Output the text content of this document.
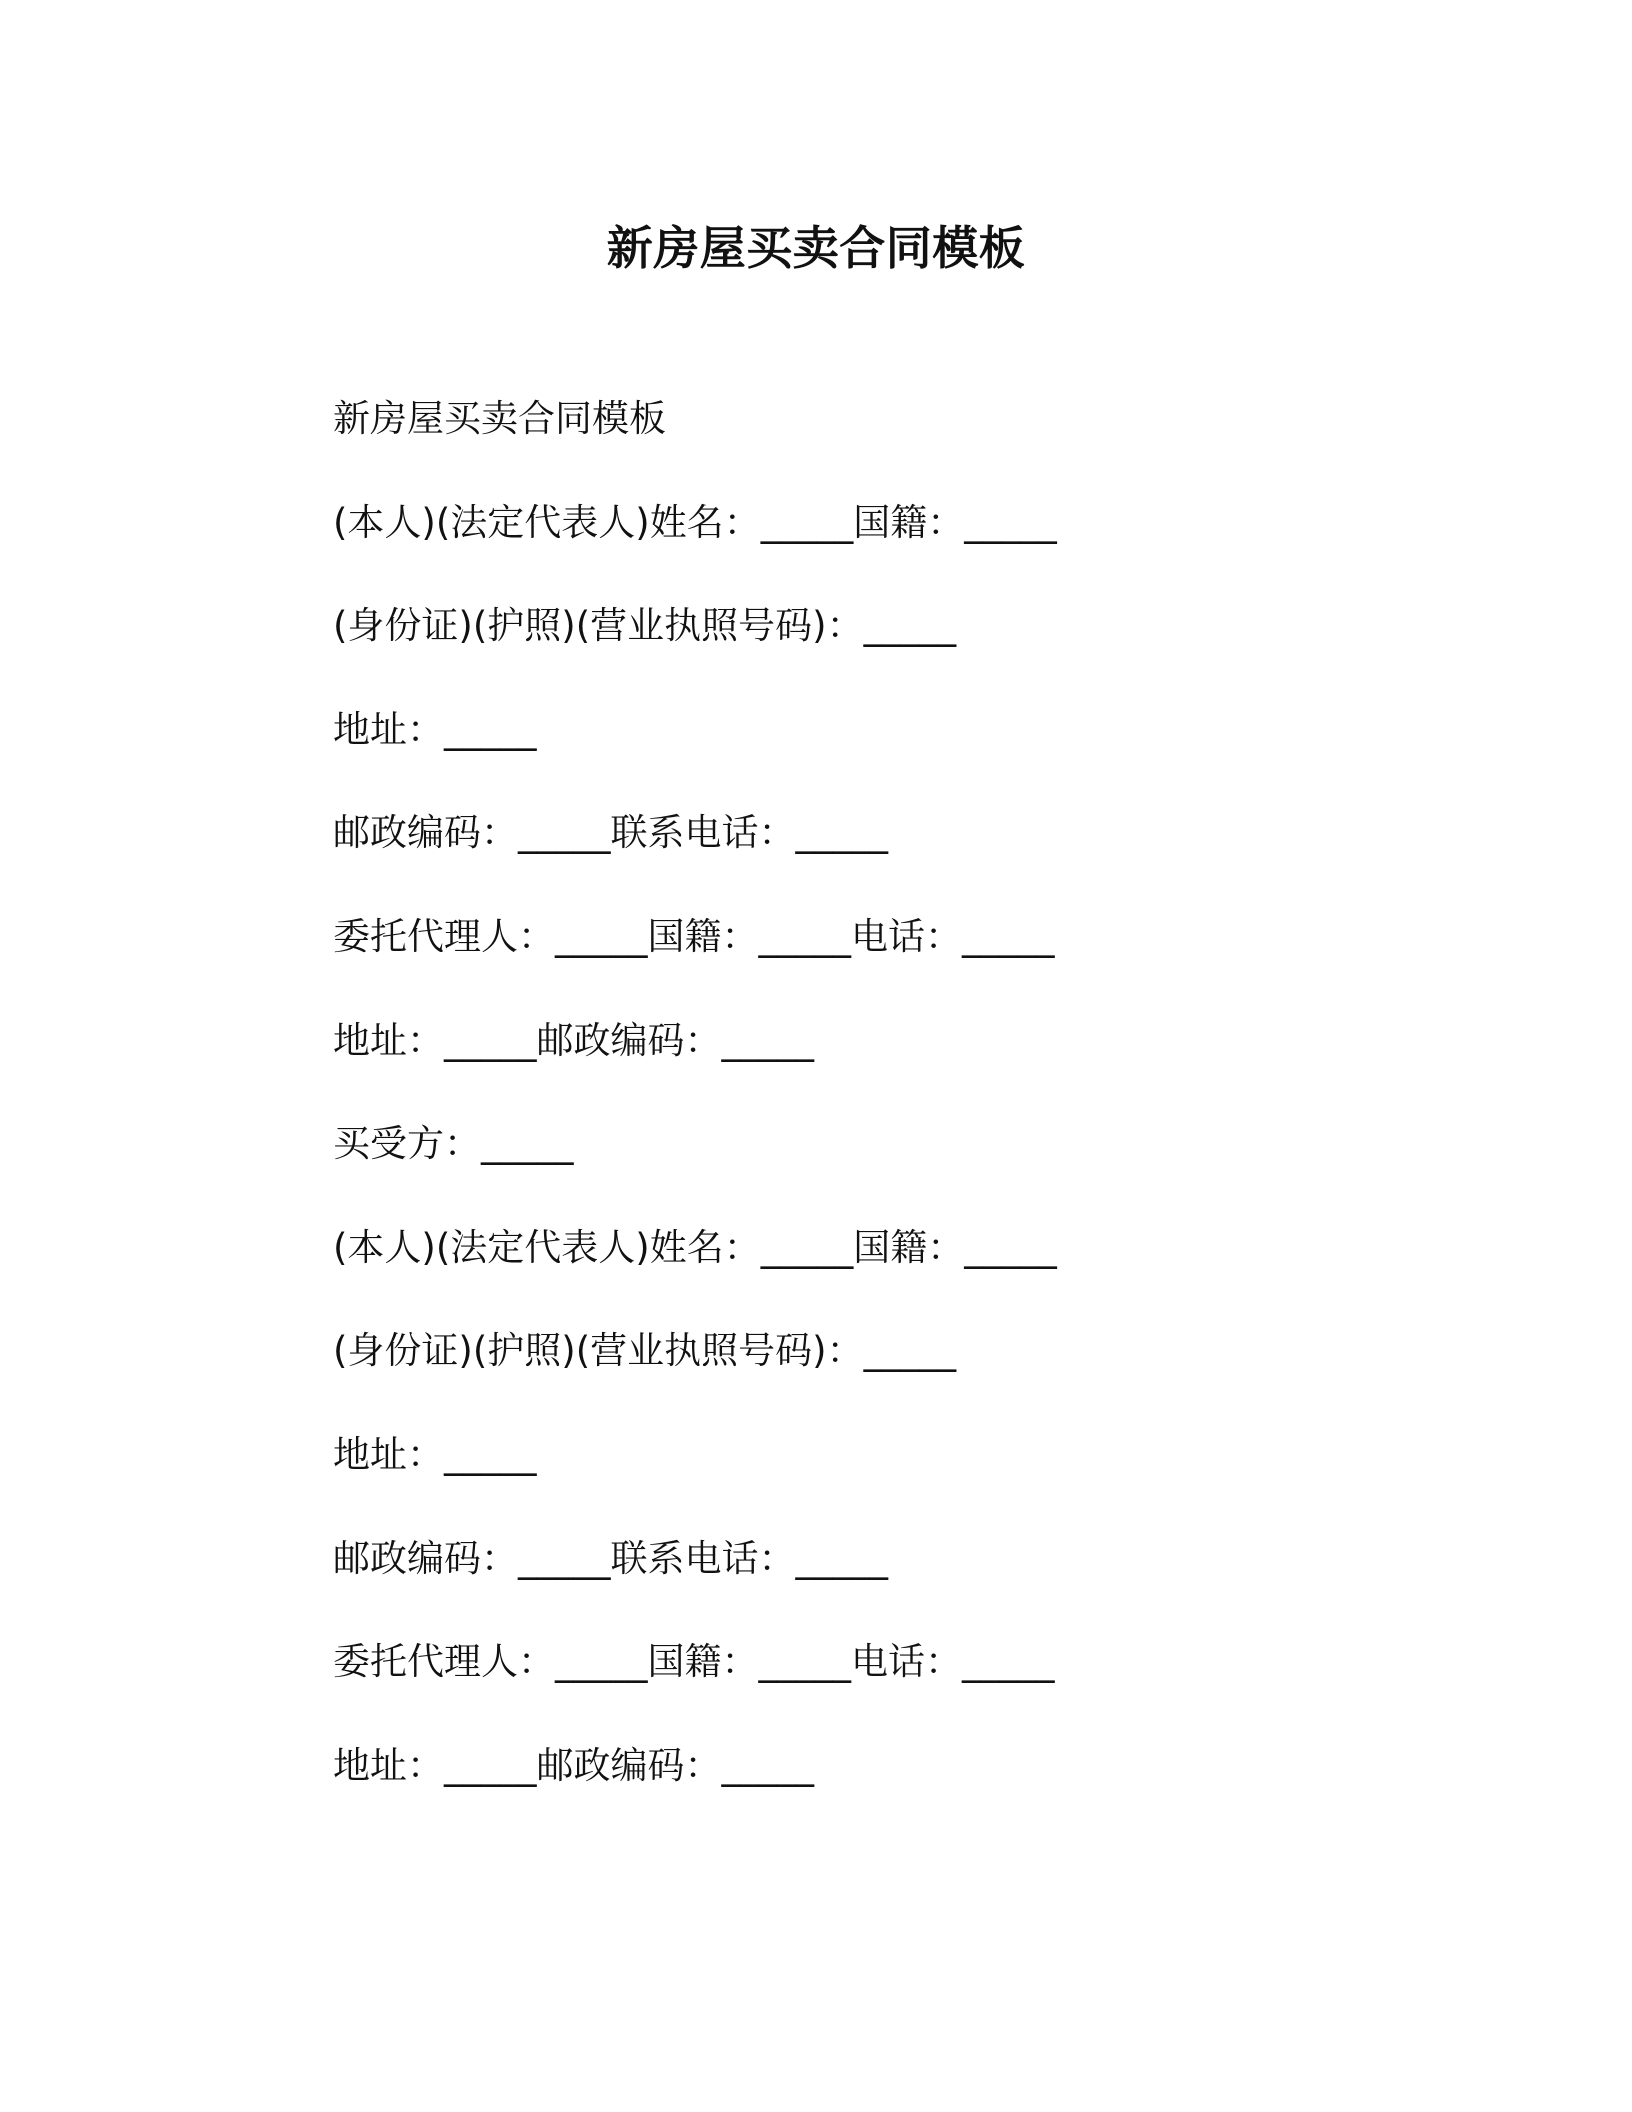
新房屋买卖合同模板
新房屋买卖合同模板
(本人)(法定代表人)姓名：_____国籍：_____
(身份证)(护照)(营业执照号码)：_____
地址：_____
邮政编码：_____联系电话：_____
委托代理人：_____国籍：_____电话：_____
地址：_____邮政编码：_____
买受方：_____
(本人)(法定代表人)姓名：_____国籍：_____
(身份证)(护照)(营业执照号码)：_____
地址：_____
邮政编码：_____联系电话：_____
委托代理人：_____国籍：_____电话：_____
地址：_____邮政编码：_____
